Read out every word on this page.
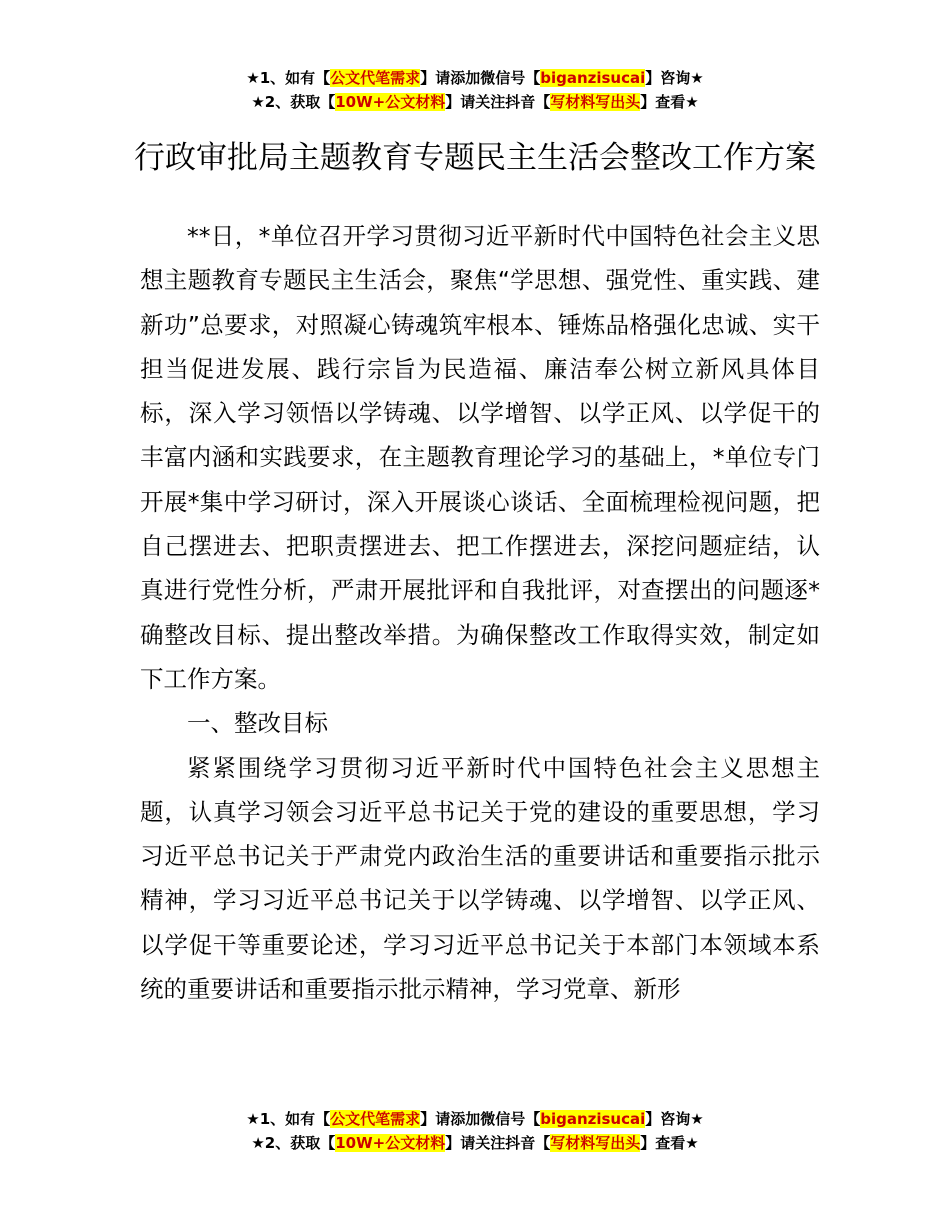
★1、如有【公文代笔需求】请添加微信号【biganzisucai】咨询★
★2、获取【10W+公文材料】请关注抖音【写材料写出头】查看★
行政审批局主题教育专题民主生活会整改工作方案

**日，*单位召开学习贯彻习近平新时代中国特色社会主义思想主题教育专题民主生活会，聚焦“学思想、强党性、重实践、建新功”总要求，对照凝心铸魂筑牢根本、锤炼品格强化忠诚、实干担当促进发展、践行宗旨为民造福、廉洁奉公树立新风具体目标，深入学习领悟以学铸魂、以学增智、以学正风、以学促干的丰富内涵和实践要求，在主题教育理论学习的基础上，*单位专门开展*集中学习研讨，深入开展谈心谈话、全面梳理检视问题，把自己摆进去、把职责摆进去、把工作摆进去，深挖问题症结，认真进行党性分析，严肃开展批评和自我批评，对查摆出的问题逐*确整改目标、提出整改举措。为确保整改工作取得实效，制定如下工作方案。

一、整改目标

紧紧围绕学习贯彻习近平新时代中国特色社会主义思想主题，认真学习领会习近平总书记关于党的建设的重要思想，学习习近平总书记关于严肃党内政治生活的重要讲话和重要指示批示精神，学习习近平总书记关于以学铸魂、以学增智、以学正风、以学促干等重要论述，学习习近平总书记关于本部门本领域本系统的重要讲话和重要指示批示精神，学习党章、新形

★1、如有【公文代笔需求】请添加微信号【biganzisucai】咨询★
★2、获取【10W+公文材料】请关注抖音【写材料写出头】查看★
